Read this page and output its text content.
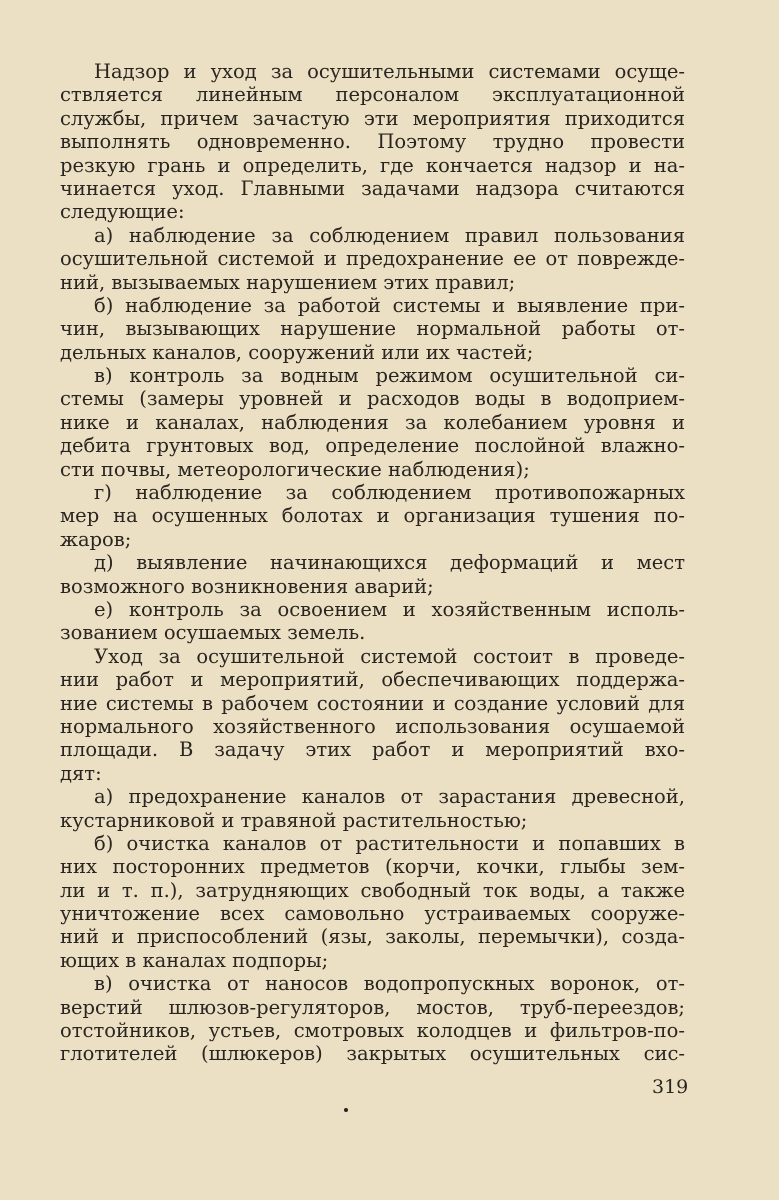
Надзор и уход за осушительными системами осуще-
ствляется линейным персоналом эксплуатационной
службы, причем зачастую эти мероприятия приходится
выполнять одновременно. Поэтому трудно провести
резкую грань и определить, где кончается надзор и на-
чинается уход. Главными задачами надзора считаются
следующие:
а) наблюдение за соблюдением правил пользования
осушительной системой и предохранение ее от поврежде-
ний, вызываемых нарушением этих правил;
б) наблюдение за работой системы и выявление при-
чин, вызывающих нарушение нормальной работы от-
дельных каналов, сооружений или их частей;
в) контроль за водным режимом осушительной си-
стемы (замеры уровней и расходов воды в водоприем-
нике и каналах, наблюдения за колебанием уровня и
дебита грунтовых вод, определение послойной влажно-
сти почвы, метеорологические наблюдения);
г) наблюдение за соблюдением противопожарных
мер на осушенных болотах и организация тушения по-
жаров;
д) выявление начинающихся деформаций и мест
возможного возникновения аварий;
е) контроль за освоением и хозяйственным исполь-
зованием осушаемых земель.
Уход за осушительной системой состоит в проведе-
нии работ и мероприятий, обеспечивающих поддержа-
ние системы в рабочем состоянии и создание условий для
нормального хозяйственного использования осушаемой
площади. В задачу этих работ и мероприятий вхо-
дят:
а) предохранение каналов от зарастания древесной,
кустарниковой и травяной растительностью;
б) очистка каналов от растительности и попавших в
них посторонних предметов (корчи, кочки, глыбы зем-
ли и т. п.), затрудняющих свободный ток воды, а также
уничтожение всех самовольно устраиваемых сооруже-
ний и приспособлений (язы, заколы, перемычки), созда-
ющих в каналах подпоры;
в) очистка от наносов водопропускных воронок, от-
верстий шлюзов-регуляторов, мостов, труб-переездов;
отстойников, устьев, смотровых колодцев и фильтров-по-
глотителей (шлюкеров) закрытых осушительных сис-
319
